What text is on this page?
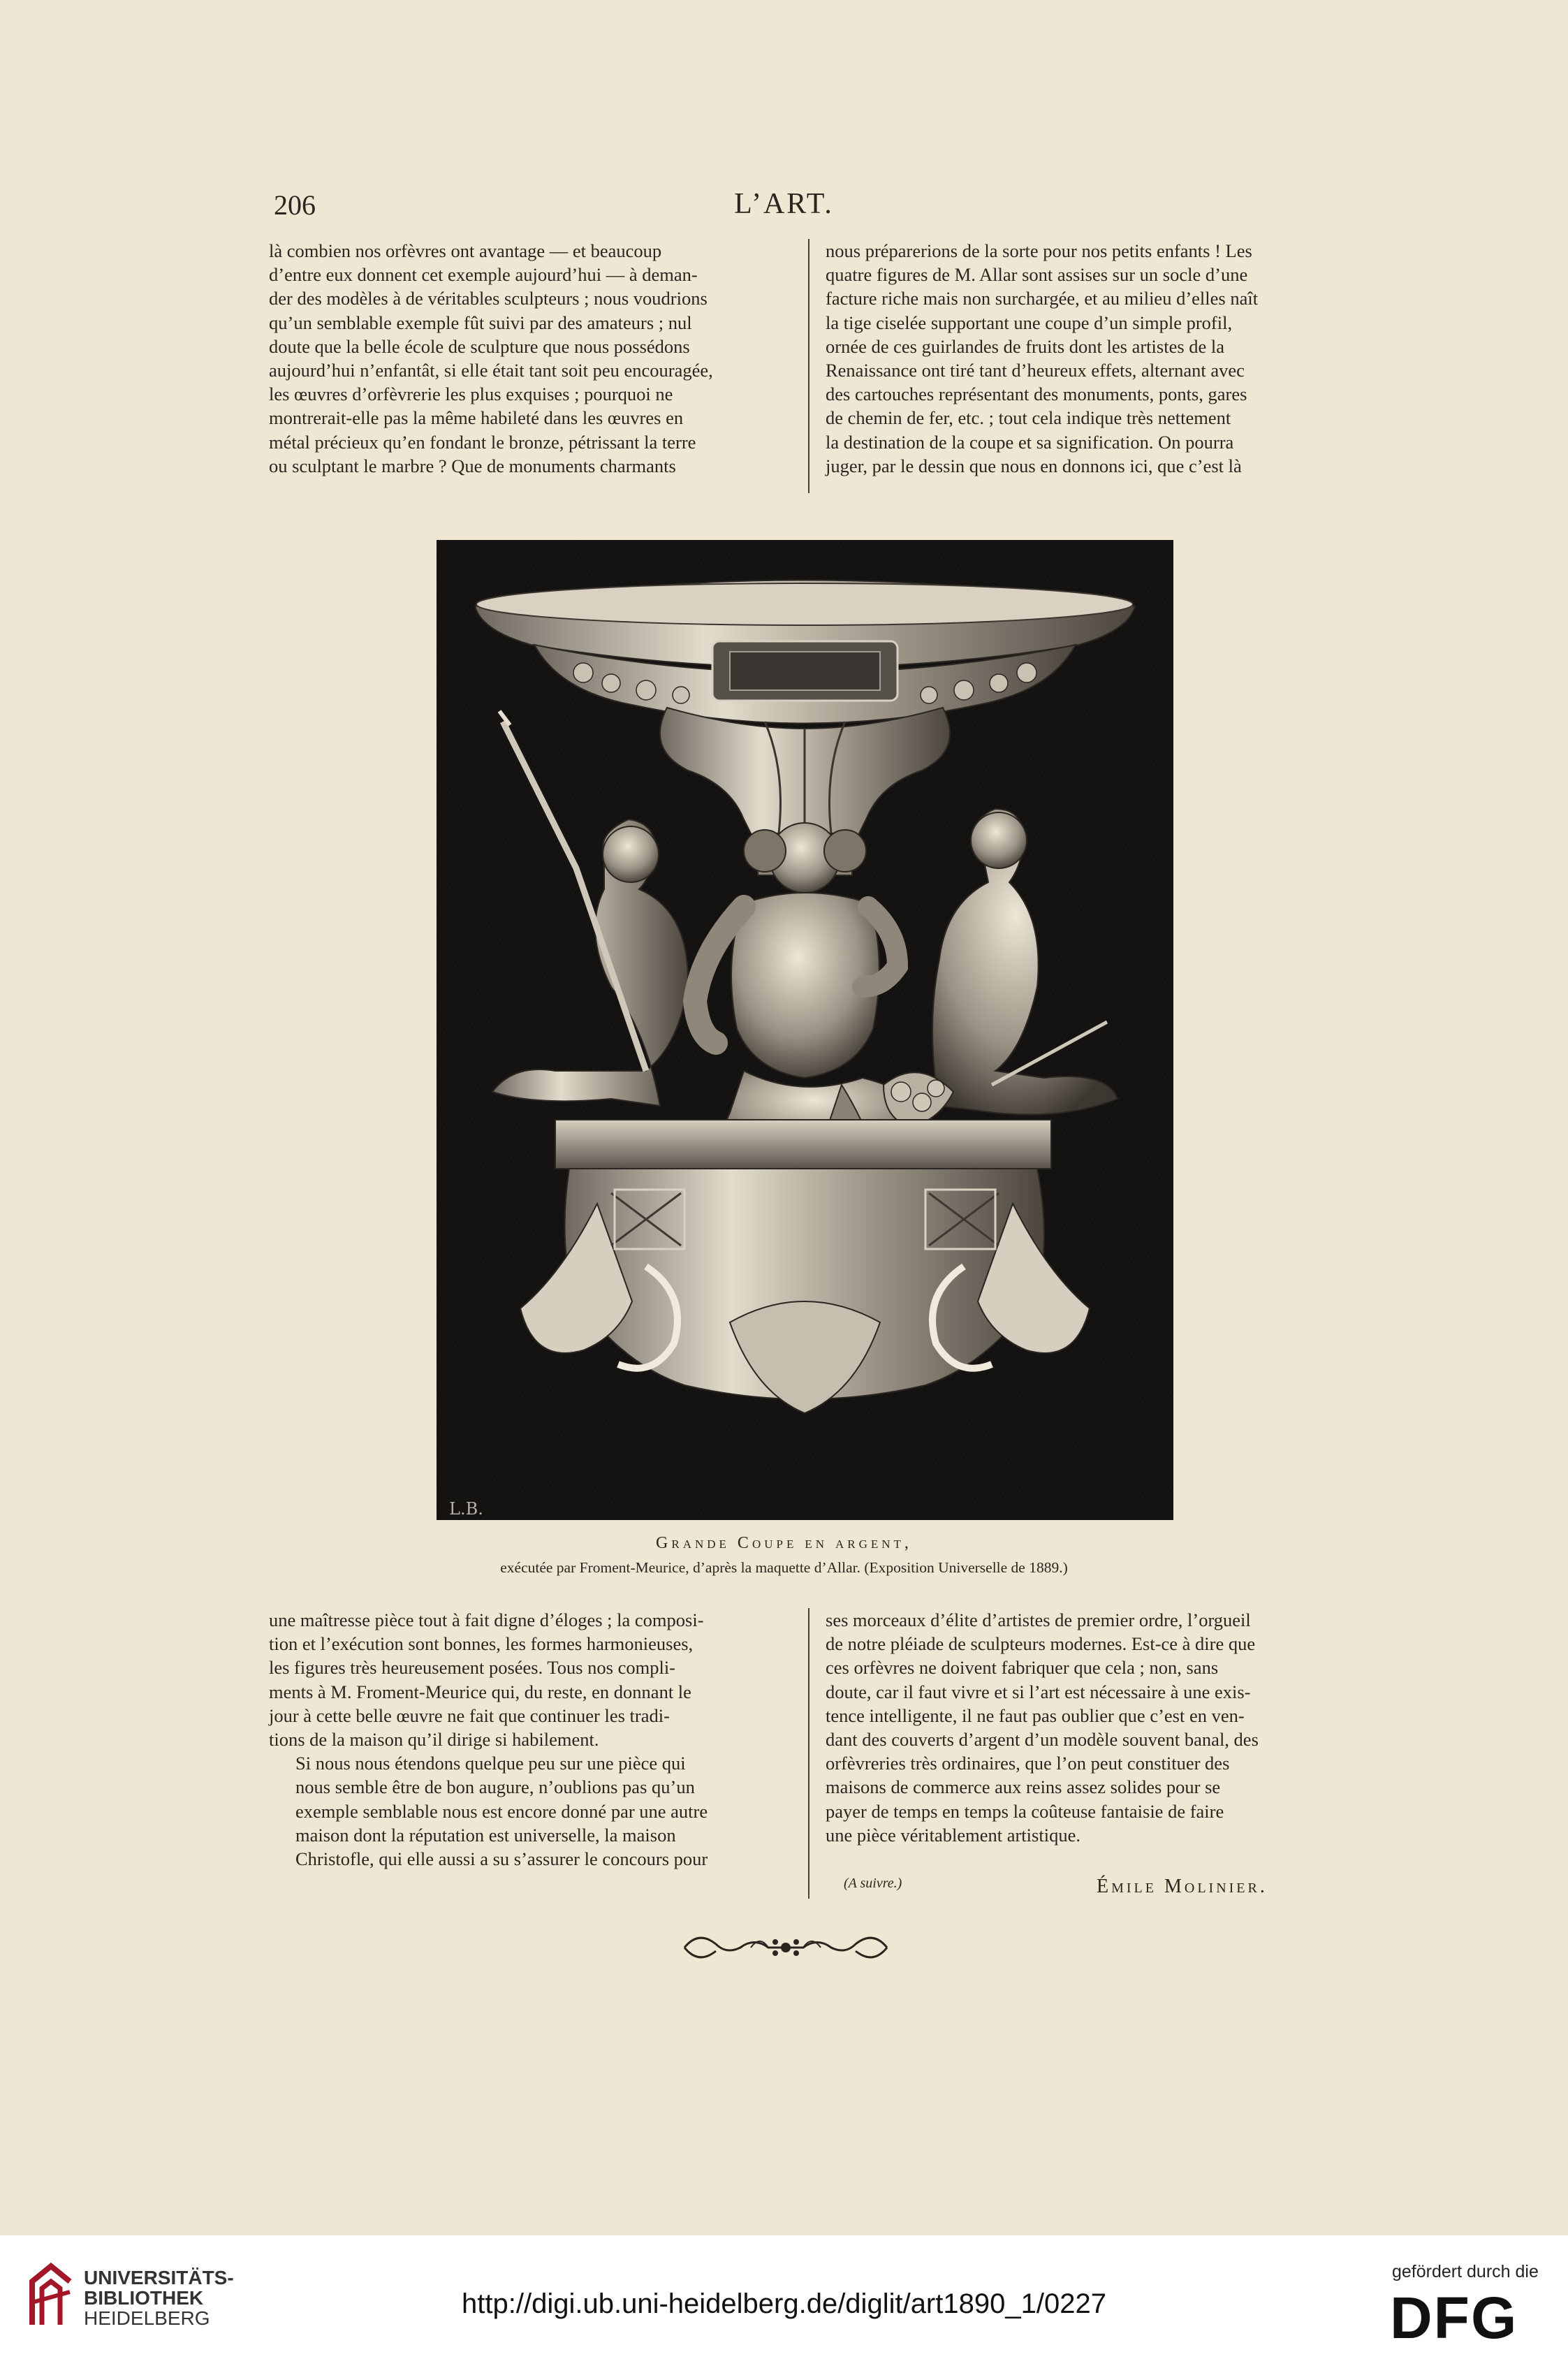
206	L’ART.

là combien nos orfèvres ont avantage — et beaucoup
d’entre eux donnent cet exemple aujourd’hui — à deman-
der des modèles à de véritables sculpteurs ; nous voudrions
qu’un semblable exemple fût suivi par des amateurs ; nul
doute que la belle école de sculpture que nous possédons
aujourd’hui n’enfantât, si elle était tant soit peu encouragée,
les œuvres d’orfèvrerie les plus exquises ; pourquoi ne
montrerait-elle pas la même habileté dans les œuvres en
métal précieux qu’en fondant le bronze, pétrissant la terre
ou sculptant le marbre ? Que de monuments charmants

nous préparerions de la sorte pour nos petits enfants ! Les
quatre figures de M. Allar sont assises sur un socle d’une
facture riche mais non surchargée, et au milieu d’elles naît
la tige ciselée supportant une coupe d’un simple profil,
ornée de ces guirlandes de fruits dont les artistes de la
Renaissance ont tiré tant d’heureux effets, alternant avec
des cartouches représentant des monuments, ponts, gares
de chemin de fer, etc. ; tout cela indique très nettement
la destination de la coupe et sa signification. On pourra
juger, par le dessin que nous en donnons ici, que c’est là

L.B.
Grande Coupe en argent,
exécutée par Froment-Meurice, d’après la maquette d’Allar. (Exposition Universelle de 1889.)

une maîtresse pièce tout à fait digne d’éloges ; la composi-
tion et l’exécution sont bonnes, les formes harmonieuses,
les figures très heureusement posées. Tous nos compli-
ments à M. Froment-Meurice qui, du reste, en donnant le
jour à cette belle œuvre ne fait que continuer les tradi-
tions de la maison qu’il dirige si habilement.

Si nous nous étendons quelque peu sur une pièce qui
nous semble être de bon augure, n’oublions pas qu’un
exemple semblable nous est encore donné par une autre
maison dont la réputation est universelle, la maison
Christofle, qui elle aussi a su s’assurer le concours pour

ses morceaux d’élite d’artistes de premier ordre, l’orgueil
de notre pléiade de sculpteurs modernes. Est-ce à dire que
ces orfèvres ne doivent fabriquer que cela ; non, sans
doute, car il faut vivre et si l’art est nécessaire à une exis-
tence intelligente, il ne faut pas oublier que c’est en ven-
dant des couverts d’argent d’un modèle souvent banal, des
orfèvreries très ordinaires, que l’on peut constituer des
maisons de commerce aux reins assez solides pour se
payer de temps en temps la coûteuse fantaisie de faire
une pièce véritablement artistique.

(A suivre.)	Émile Molinier.
UNIVERSITÄTS-
BIBLIOTHEK
HEIDELBERG	http://digi.ub.uni-heidelberg.de/diglit/art1890_1/0227
gefördert durch die
DFG
